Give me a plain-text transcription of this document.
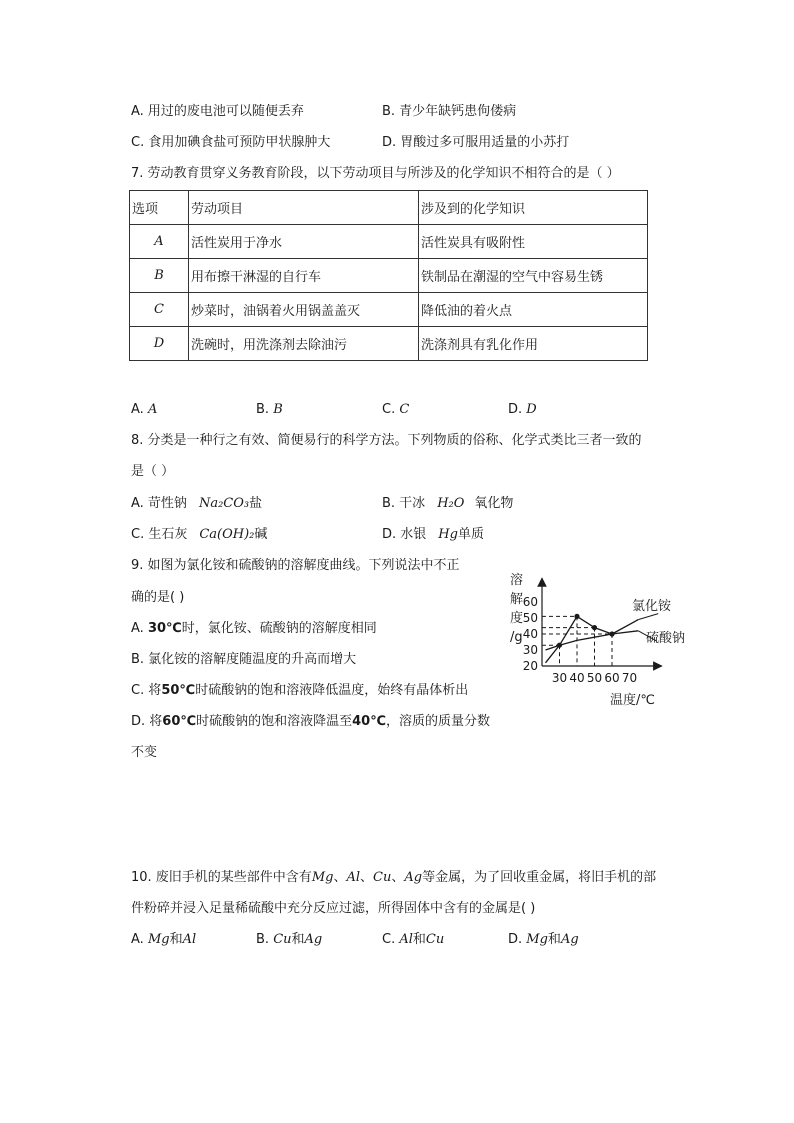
A. 用过的废电池可以随便丢弃	B. 青少年缺钙患佝偻病
C. 食用加碘食盐可预防甲状腺肿大	D. 胃酸过多可服用适量的小苏打
7. 劳动教育贯穿义务教育阶段，以下劳动项目与所涉及的化学知识不相符合的是（ ）
选项	劳动项目	涉及到的化学知识
A	活性炭用于净水	活性炭具有吸附性
B	用布擦干淋湿的自行车	铁制品在潮湿的空气中容易生锈
C	炒菜时，油锅着火用锅盖盖灭	降低油的着火点
D	洗碗时，用洗涤剂去除油污	洗涤剂具有乳化作用
A. A	B. B	C. C	D. D
8. 分类是一种行之有效、简便易行的科学方法。下列物质的俗称、化学式类比三者一致的
是（ ）
A. 苛性钠 Na₂CO₃盐	B. 干冰 H₂O 氧化物
C. 生石灰 Ca(OH)₂碱	D. 水银 Hg单质
9. 如图为氯化铵和硫酸钠的溶解度曲线。下列说法中不正
确的是( )
A. 30℃时，氯化铵、硫酸钠的溶解度相同
B. 氯化铵的溶解度随温度的升高而增大
C. 将50℃时硫酸钠的饱和溶液降低温度，始终有晶体析出
D. 将60℃时硫酸钠的饱和溶液降温至40℃，溶质的质量分数
不变
30 40 50 60 70
20
30
40
50
60	氯化铵
硫酸钠
溶
解
度
/g
温度/℃
10. 废旧手机的某些部件中含有Mg、Al、Cu、Ag等金属，为了回收重金属，将旧手机的部
件粉碎并浸入足量稀硫酸中充分反应过滤，所得固体中含有的金属是( )
A. Mg和Al	B. Cu和Ag	C. Al和Cu	D. Mg和Ag
